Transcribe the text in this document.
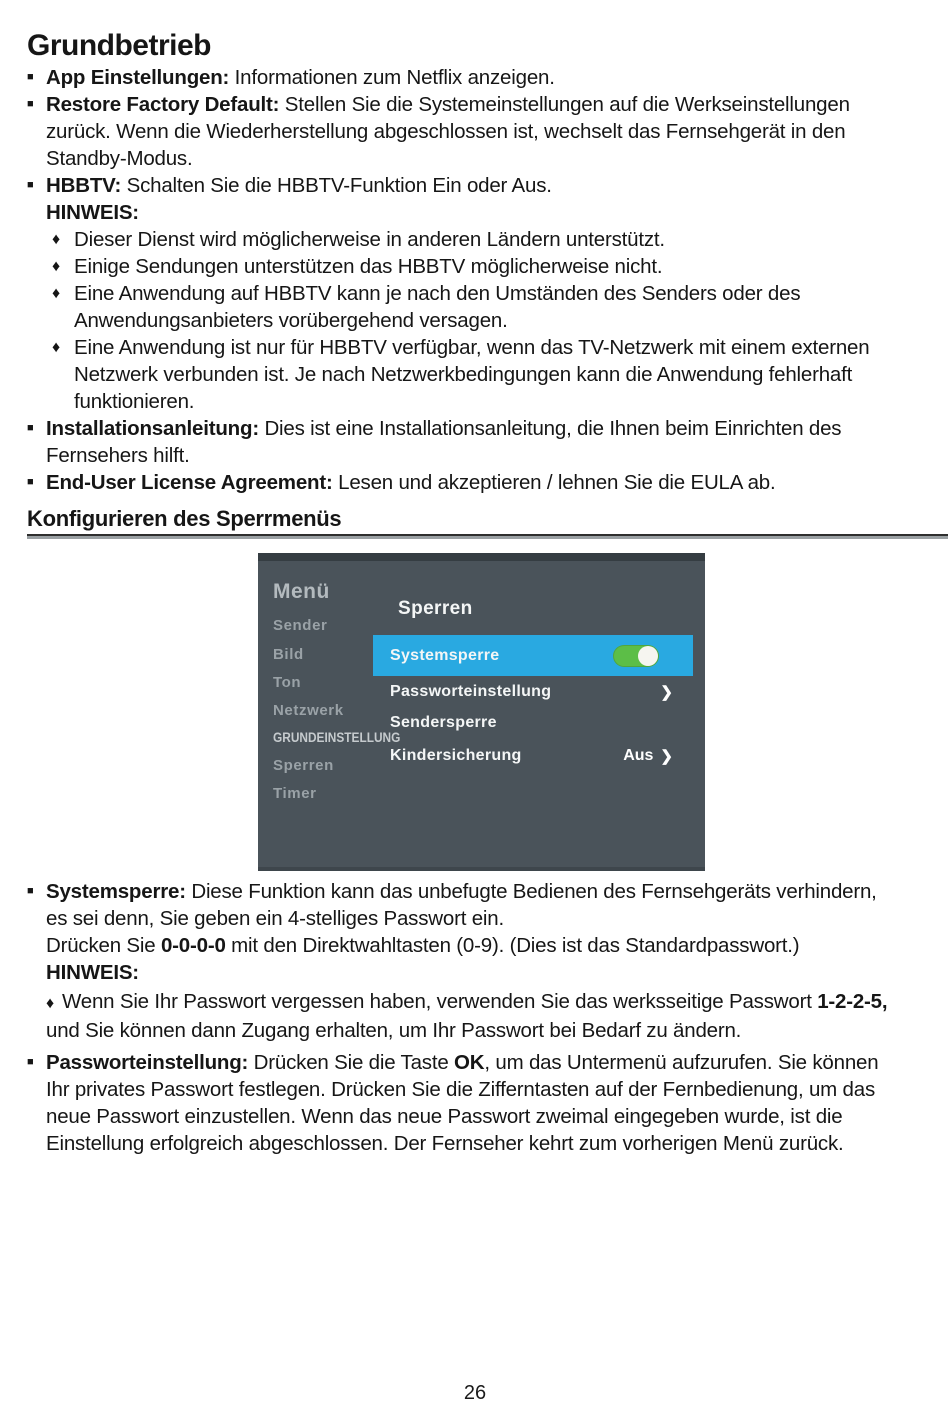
Grundbetrieb
■ App Einstellungen: Informationen zum Netflix anzeigen.
■ Restore Factory Default: Stellen Sie die Systemeinstellungen auf die Werkseinstellungen zurück. Wenn die Wiederherstellung abgeschlossen ist, wechselt das Fernsehgerät in den Standby-Modus.
■ HBBTV: Schalten Sie die HBBTV-Funktion Ein oder Aus.
HINWEIS:
♦ Dieser Dienst wird möglicherweise in anderen Ländern unterstützt.
♦ Einige Sendungen unterstützen das HBBTV möglicherweise nicht.
♦ Eine Anwendung auf HBBTV kann je nach den Umständen des Senders oder des Anwendungsanbieters vorübergehend versagen.
♦ Eine Anwendung ist nur für HBBTV verfügbar, wenn das TV-Netzwerk mit einem externen Netzwerk verbunden ist. Je nach Netzwerkbedingungen kann die Anwendung fehlerhaft funktionieren.
■ Installationsanleitung: Dies ist eine Installationsanleitung, die Ihnen beim Einrichten des Fernsehers hilft.
■ End-User License Agreement: Lesen und akzeptieren / lehnen Sie die EULA ab.
Konfigurieren des Sperrmenüs
Menü
Sender
Bild
Ton
Netzwerk
GRUNDEINSTELLUNG
Sperren
Timer
Sperren
Systemsperre
Passworteinstellung	❯
Sendersperre
Kindersicherung	Aus ❯
■ Systemsperre: Diese Funktion kann das unbefugte Bedienen des Fernsehgeräts verhindern, es sei denn, Sie geben ein 4-stelliges Passwort ein.
Drücken Sie 0-0-0-0 mit den Direktwahltasten (0-9). (Dies ist das Standardpasswort.)
HINWEIS:
♦ Wenn Sie Ihr Passwort vergessen haben, verwenden Sie das werksseitige Passwort 1-2-2-5, und Sie können dann Zugang erhalten, um Ihr Passwort bei Bedarf zu ändern.
■ Passworteinstellung: Drücken Sie die Taste OK, um das Untermenü aufzurufen. Sie können Ihr privates Passwort festlegen. Drücken Sie die Zifferntasten auf der Fernbedienung, um das neue Passwort einzustellen. Wenn das neue Passwort zweimal eingegeben wurde, ist die Einstellung erfolgreich abgeschlossen. Der Fernseher kehrt zum vorherigen Menü zurück.
26
